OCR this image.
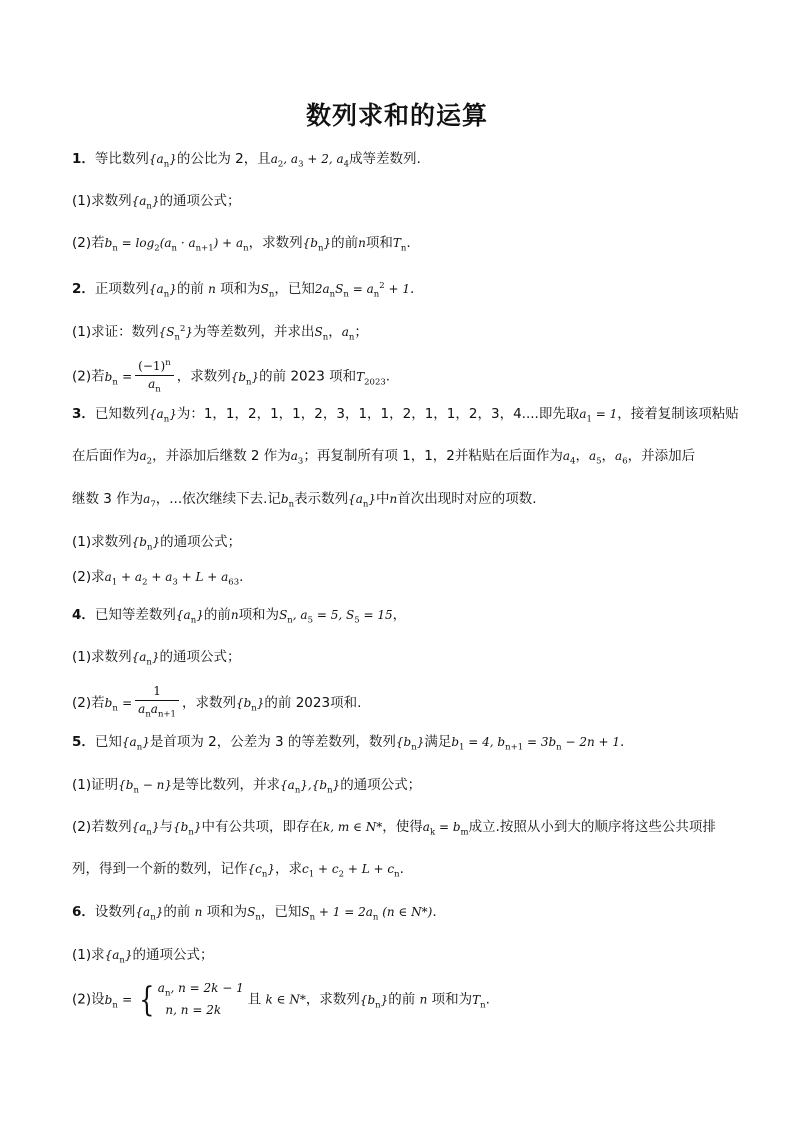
数列求和的运算
1．等比数列$\{a_n\}$的公比为 2，且$a_2$, $a_3 + 2$, $a_4$成等差数列.
(1)求数列$\{a_n\}$的通项公式；
(2)若$b_n = \log_2(a_n \cdot a_{n+1}) + a_n$，求数列$\{b_n\}$的前n项和$T_n$.
2．正项数列$\{a_n\}$的前 n 项和为$S_n$，已知$2a_nS_n = a_n^2 + 1$.
(1)求证：数列$\{S_n^2\}$为等差数列，并求出$S_n$，$a_n$；
(2)若$b_n = \frac{(-1)^n}{a_n}$ ，求数列$\{b_n\}$的前 2023 项和$T_{2023}$.
3．已知数列$\{a_n\}$为：1，1，2，1，1，2，3，1，1，2，1，1，2，3，4....即先取$a_1 = 1$，接着复制该项粘贴
在后面作为$a_2$，并添加后继数 2 作为$a_3$；再复制所有项 1，1，2并粘贴在后面作为$a_4$，$a_5$，$a_6$，并添加后
继数 3 作为$a_7$，...依次继续下去.记$b_n$表示数列$\{a_n\}$中n首次出现时对应的项数.
(1)求数列$\{b_n\}$的通项公式；
(2)求$a_1 + a_2 + a_3 + L + a_{63}$.
4．已知等差数列$\{a_n\}$的前n项和为$S_n$, $a_5 = 5$, $S_5 = 15$，
(1)求数列$\{a_n\}$的通项公式；
(2)若$b_n = \frac{1}{a_na_{n+1}}$ ，求数列$\{b_n\}$的前 2023项和.
5．已知$\{a_n\}$是首项为 2，公差为 3 的等差数列，数列$\{b_n\}$满足$b_1 = 4$, $b_{n+1} = 3b_n - 2n + 1$.
(1)证明$\{b_n - n\}$是等比数列，并求$\{a_n\},\{b_n\}$的通项公式；
(2)若数列$\{a_n\}$与$\{b_n\}$中有公共项，即存在k, m ∈ N*，使得$a_k = b_m$成立.按照从小到大的顺序将这些公共项排
列，得到一个新的数列，记作$\{c_n\}$，求$c_1 + c_2 + L + c_n$.
6．设数列$\{a_n\}$的前 n 项和为$S_n$，已知$S_n + 1 = 2a_n$ (n ∈ N*).
(1)求$\{a_n\}$的通项公式；
(2)设$b_n$ = { $a_n$, n = 2k − 1
n, n = 2k且 k ∈ N*，求数列$\{b_n\}$的前 n 项和为$T_n$.
